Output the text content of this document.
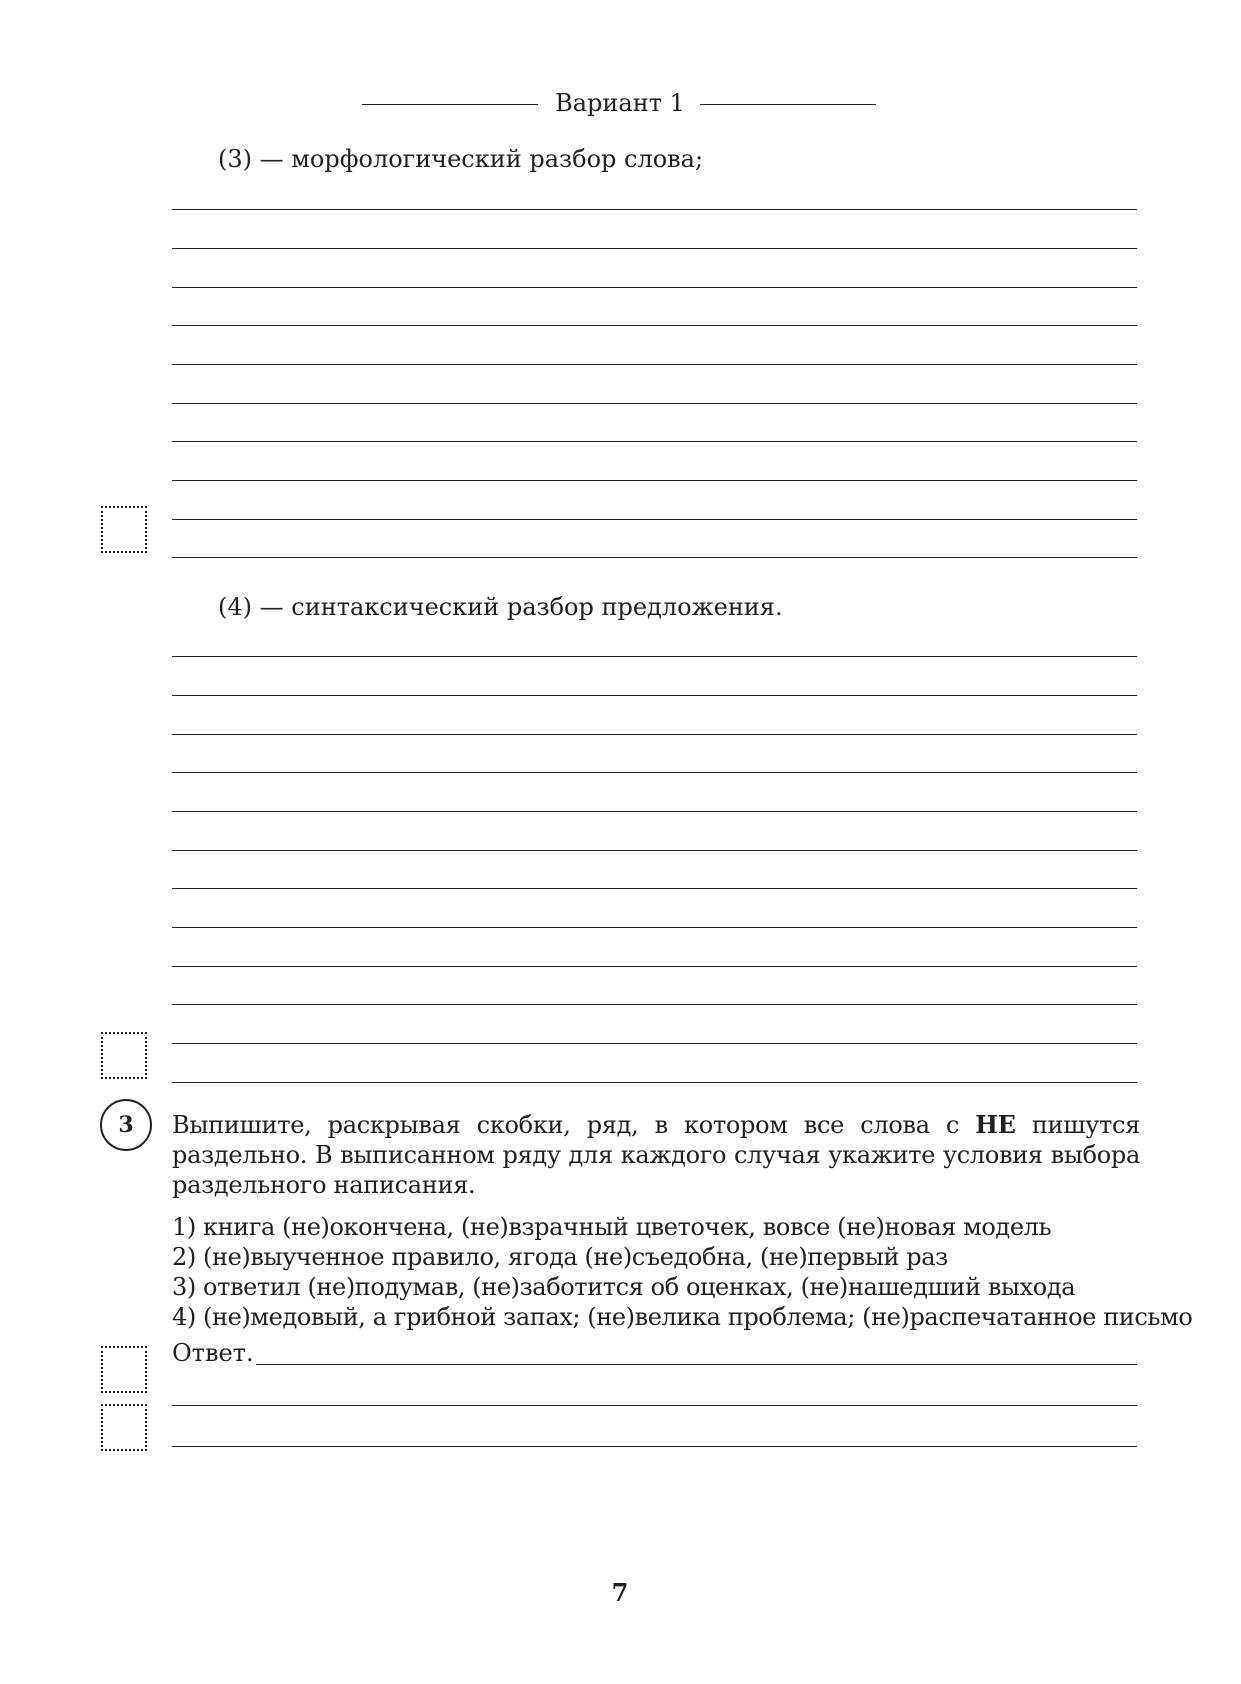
Вариант 1
(3) — морфологический разбор слова;
(4) — синтаксический разбор предложения.
3	Выпишите, раскрывая скобки, ряд, в котором все слова с НЕ пишутся раздельно. В выписанном ряду для каждого случая укажите условия выбора раздельного написания.
1) книга (не)окончена, (не)взрачный цветочек, вовсе (не)новая модель
2) (не)выученное правило, ягода (не)съедобна, (не)первый раз
3) ответил (не)подумав, (не)заботится об оценках, (не)нашедший выхода
4) (не)медовый, а грибной запах; (не)велика проблема; (не)распечатанное письмо
Ответ.
7
